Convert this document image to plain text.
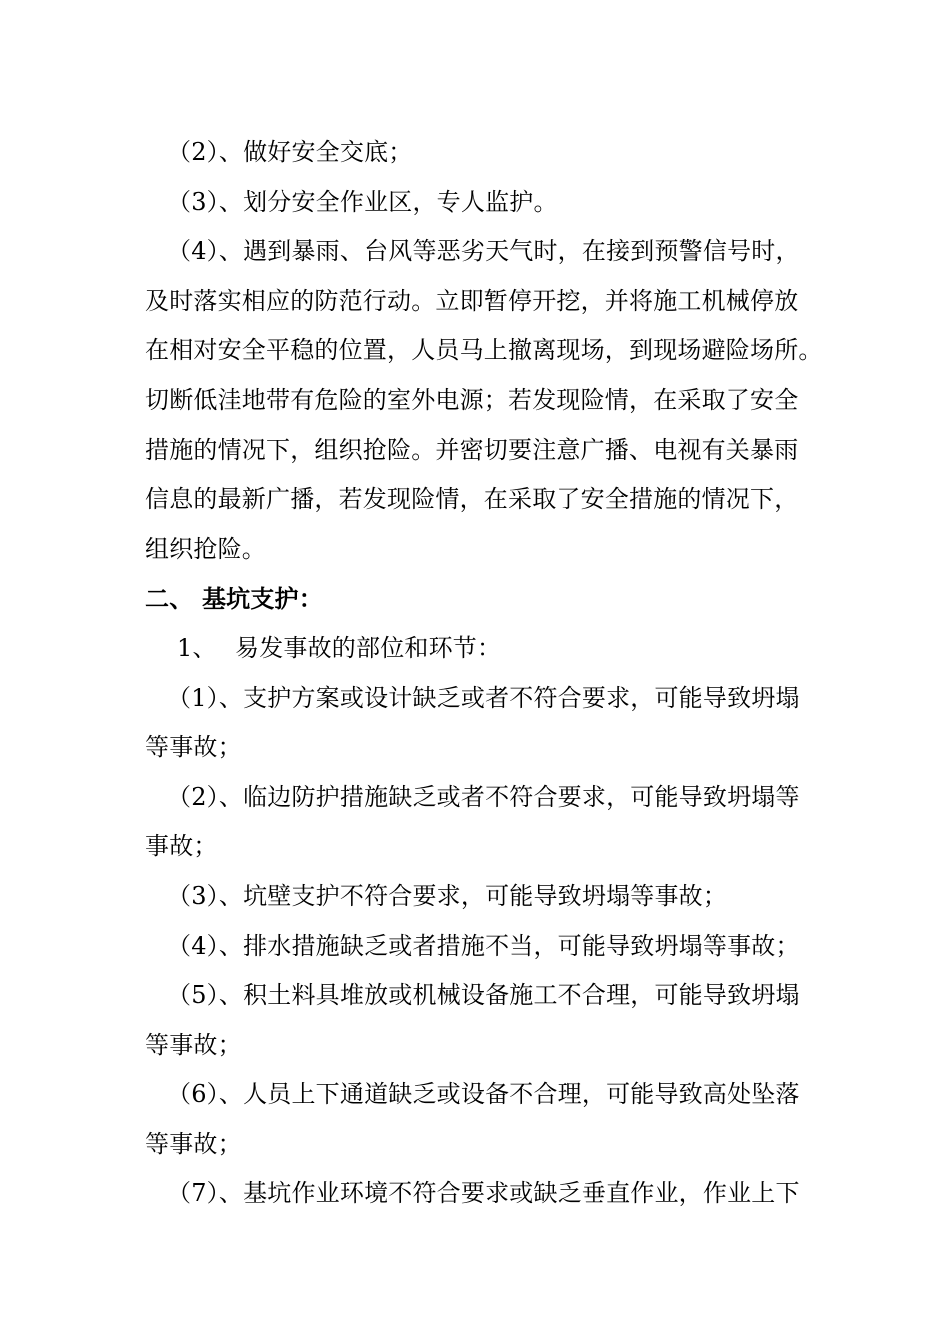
（2）、做好安全交底；
（3）、划分安全作业区，专人监护。
（4）、遇到暴雨、台风等恶劣天气时，在接到预警信号时，
及时落实相应的防范行动。立即暂停开挖，并将施工机械停放
在相对安全平稳的位置，人员马上撤离现场，到现场避险场所。
切断低洼地带有危险的室外电源；若发现险情，在采取了安全
措施的情况下，组织抢险。并密切要注意广播、电视有关暴雨
信息的最新广播，若发现险情，在采取了安全措施的情况下，
组织抢险。
二、 基坑支护：
1、 易发事故的部位和环节：
（1）、支护方案或设计缺乏或者不符合要求，可能导致坍塌
等事故；
（2）、临边防护措施缺乏或者不符合要求，可能导致坍塌等
事故；
（3）、坑壁支护不符合要求，可能导致坍塌等事故；
（4）、排水措施缺乏或者措施不当，可能导致坍塌等事故；
（5）、积土料具堆放或机械设备施工不合理，可能导致坍塌
等事故；
（6）、人员上下通道缺乏或设备不合理，可能导致高处坠落
等事故；
（7）、基坑作业环境不符合要求或缺乏垂直作业，作业上下
